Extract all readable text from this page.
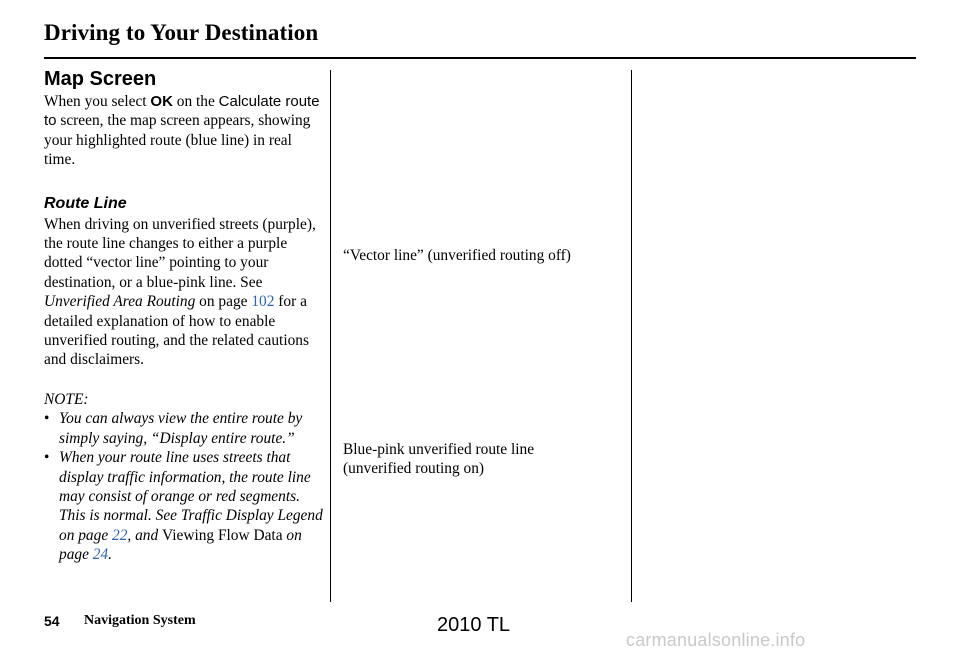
Driving to Your Destination
Map Screen

When you select OK on the Calculate route to screen, the map screen appears, showing your highlighted route (blue line) in real time.

Route Line

When driving on unverified streets (purple), the route line changes to either a purple dotted “vector line” pointing to your destination, or a blue-pink line. See Unverified Area Routing on page 102 for a detailed explanation of how to enable unverified routing, and the related cautions and disclaimers.

NOTE:

• You can always view the entire route by simply saying, “Display entire route.”
• When your route line uses streets that display traffic information, the route line may consist of orange or red segments. This is normal. See Traffic Display Legend on page 22, and Viewing Flow Data on page 24.
“Vector line” (unverified routing off)
Blue-pink unverified route line
(unverified routing on)
54 Navigation System	2010 TL
carmanualsonline.info
